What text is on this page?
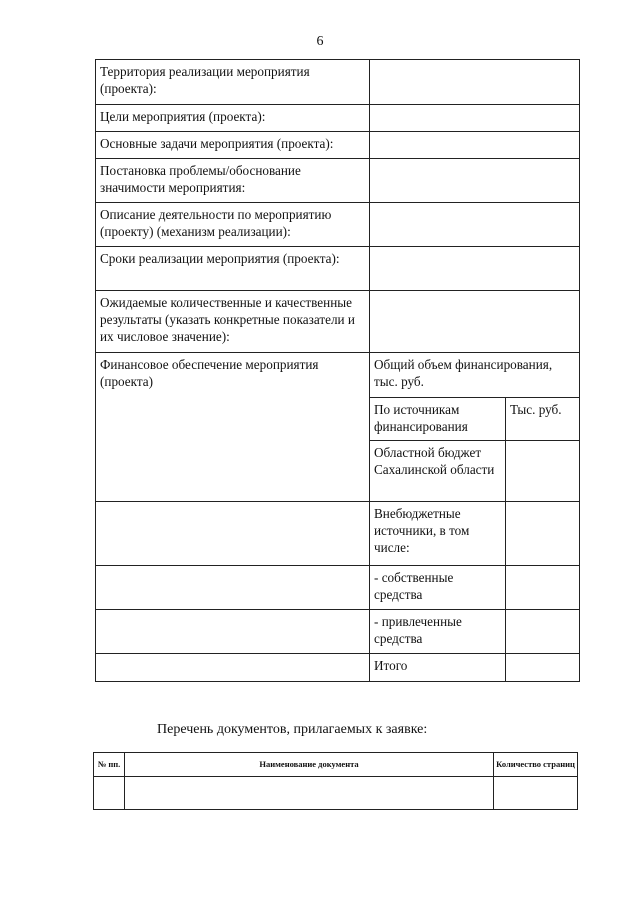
6
Территория реализации мероприятия (проекта):		
Цели мероприятия (проекта):		
Основные задачи мероприятия (проекта):		
Постановка проблемы/обоснование значимости мероприятия:		
Описание деятельности по мероприятию (проекту) (механизм реализации):		
Сроки реализации мероприятия (проекта):		
Ожидаемые количественные и качественные результаты (указать конкретные показатели и их числовое значение):		
Финансовое обеспечение мероприятия (проекта)	Общий объем финансирования, тыс. руб.	
	По источникам финансирования	Тыс. руб.
	Областной бюджет Сахалинской области	
	Внебюджетные источники, в том числе:	
	- собственные средства	
	- привлеченные средства	
	Итого	
Перечень документов, прилагаемых к заявке:
№ пп.	Наименование документа	Количество страниц
